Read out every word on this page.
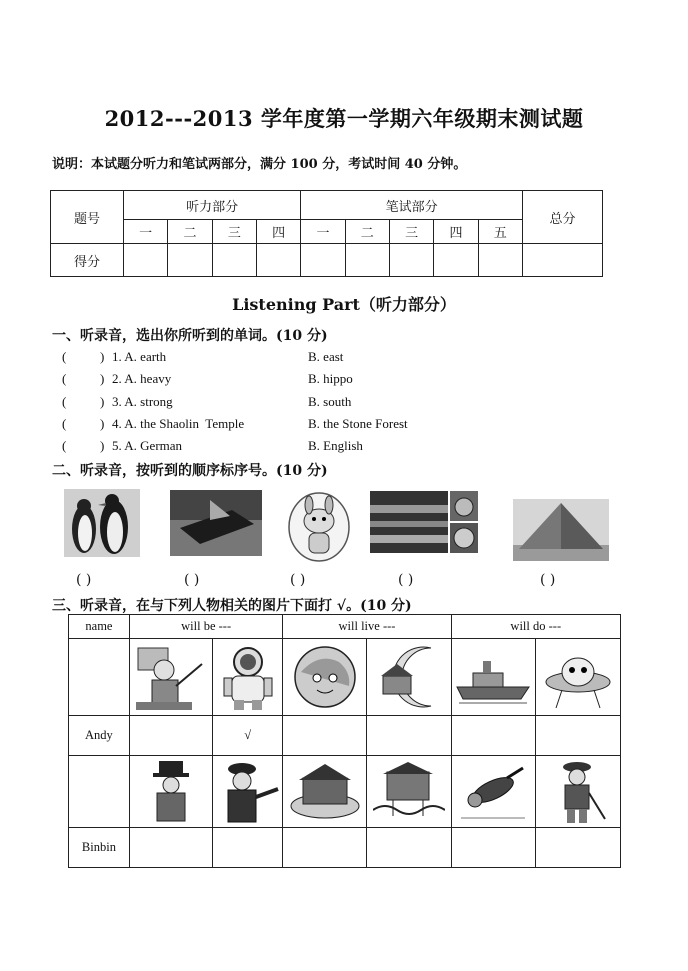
2012---2013 学年度第一学期六年级期末测试题
说明：本试题分听力和笔试两部分，满分 100 分，考试时间 40 分钟。
题号	听力部分				笔试部分					总分
	一	二	三	四	一	二	三	四	五	
得分										
Listening Part（听力部分）
一、听录音，选出你所听到的单词。(10 分)
(	) 1. A. earth	B. east
(	) 2. A. heavy	B. hippo
(	) 3. A. strong	B. south
(	) 4. A. the Shaolin  Temple	B. the Stone Forest
(	) 5. A. German	B. English
二、听录音，按听到的顺序标序号。(10 分)
( )	( )	( )	( )	( )
三、听录音，在与下列人物相关的图片下面打 √。(10 分)
name	will be ---		will live ---		will do ---	

Andy		√				

Binbin						
